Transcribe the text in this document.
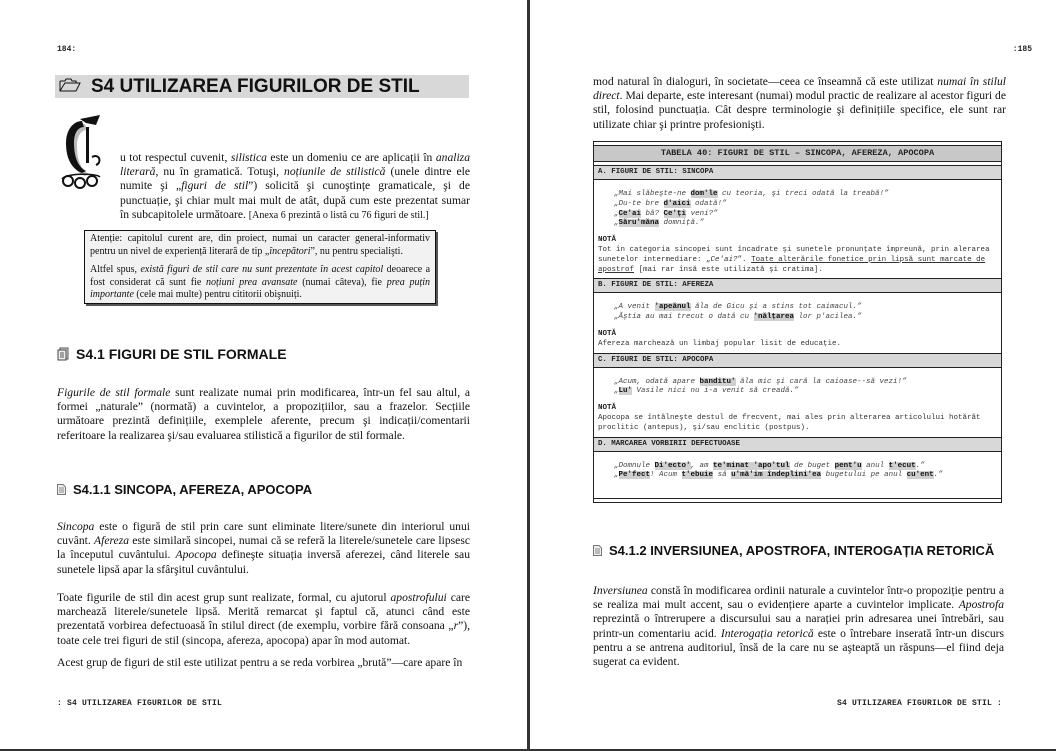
184:
S4 UTILIZAREA FIGURILOR DE STIL
u tot respectul cuvenit, silistica este un domeniu ce are aplicații în analiza literară, nu în gramatică. Totuşi, noțiunile de stilistică (unele dintre ele numite şi „figuri de stil”) solicită şi cunoştințe gramaticale, şi de punctuație, şi chiar mult mai mult de atât, după cum este prezentat sumar în subcapitolele următoare. [Anexa 6 prezintă o listă cu 76 figuri de stil.]

Atenție: capitolul curent are, din proiect, numai un caracter general-informativ pentru un nivel de experiență literară de tip „începători”, nu pentru specialişti.

Altfel spus, există figuri de stil care nu sunt prezentate în acest capitol deoarece a fost considerat că sunt fie noțiuni prea avansate (numai câteva), fie prea puțin importante (cele mai multe) pentru cititorii obişnuiți.

S4.1 FIGURI DE STIL FORMALE
Figurile de stil formale sunt realizate numai prin modificarea, într-un fel sau altul, a formei „naturale” (normată) a cuvintelor, a propozițiilor, sau a frazelor. Secțiile următoare prezintă definițiile, exemplele aferente, precum şi indicații/comentarii referitoare la realizarea şi/sau evaluarea stilistică a figurilor de stil formale.
S4.1.1 SINCOPA, AFEREZA, APOCOPA
Sincopa este o figură de stil prin care sunt eliminate litere/sunete din interiorul unui cuvânt. Afereza este similară sincopei, numai că se referă la literele/sunetele care lipsesc la începutul cuvântului. Apocopa defineşte situația inversă aferezei, când literele sau sunetele lipsă apar la sfârşitul cuvântului.
Toate figurile de stil din acest grup sunt realizate, formal, cu ajutorul apostrofului care marchează literele/sunetele lipsă. Merită remarcat şi faptul că, atunci când este prezentată vorbirea defectuoasă în stilul direct (de exemplu, vorbire fără consoana „r”), toate cele trei figuri de stil (sincopa, afereza, apocopa) apar în mod automat.
Acest grup de figuri de stil este utilizat pentru a se reda vorbirea „brută”—care apare în
: S4 UTILIZAREA FIGURILOR DE STIL
:185
mod natural în dialoguri, în societate—ceea ce înseamnă că este utilizat numai în stilul direct. Mai departe, este interesant (numai) modul practic de realizare al acestor figuri de stil, folosind punctuația. Cât despre terminologie şi definițiile specifice, ele sunt rar utilizate chiar şi printre profesionişti.
TABELA 40: FIGURI DE STIL – SINCOPA, AFEREZA, APOCOPA
A. FIGURI DE STIL: SINCOPA
„Mai slăbeşte-ne dom'le cu teoria, şi treci odată la treabă!”
„Du-te bre d'aici odată!”
„Ce'ai bă? Ce'ţi veni?”
„Săru'măna domniță.”
NOTĂ
Tot în categoria sincopei sunt încadrate şi sunetele pronunțate împreună, prin alerarea sunetelor intermediare: „Ce'ai?”. Toate alterările fonetice prin lipsă sunt marcate de apostrof [mai rar însă este utilizată şi cratima].
B. FIGURI DE STIL: AFEREZA
„A venit 'apeănul ăla de Gicu şi a stins tot caimacul.”
„Ăştia au mai trecut o dată cu 'nălțarea lor p'acilea.”
NOTĂ
Afereza marchează un limbaj popular lisit de educație.
C. FIGURI DE STIL: APOCOPA
„Acum, odată apare banditu' ăla mic şi cară la caioase--să vezi!”
„Lu' Vasile nici nu i-a venit să creadă.”
NOTĂ
Apocopa se întâlneşte destul de frecvent, mai ales prin alterarea articolului hotărât proclitic (antepus), şi/sau enclitic (postpus).
D. MARCAREA VORBIRII DEFECTUOASE
„Domnule Di'ecto', am te'minat 'apo'tul de buget pent'u anul t'ecut.”
„Pe'fect! Acum t'ebuie să u'mă'im îndeplini'ea bugetului pe anul cu'ent.”
S4.1.2 INVERSIUNEA, APOSTROFA, INTEROGAȚIA RETORICĂ
Inversiunea constă în modificarea ordinii naturale a cuvintelor într-o propoziție pentru a se realiza mai mult accent, sau o evidențiere aparte a cuvintelor implicate. Apostrofa reprezintă o întrerupere a discursului sau a narației prin adresarea unei întrebări, sau printr-un comentariu acid. Interogația retorică este o întrebare inserată într-un discurs pentru a se antrena auditoriul, însă de la care nu se aşteaptă un răspuns—el fiind deja sugerat ca evident.
S4 UTILIZAREA FIGURILOR DE STIL :
